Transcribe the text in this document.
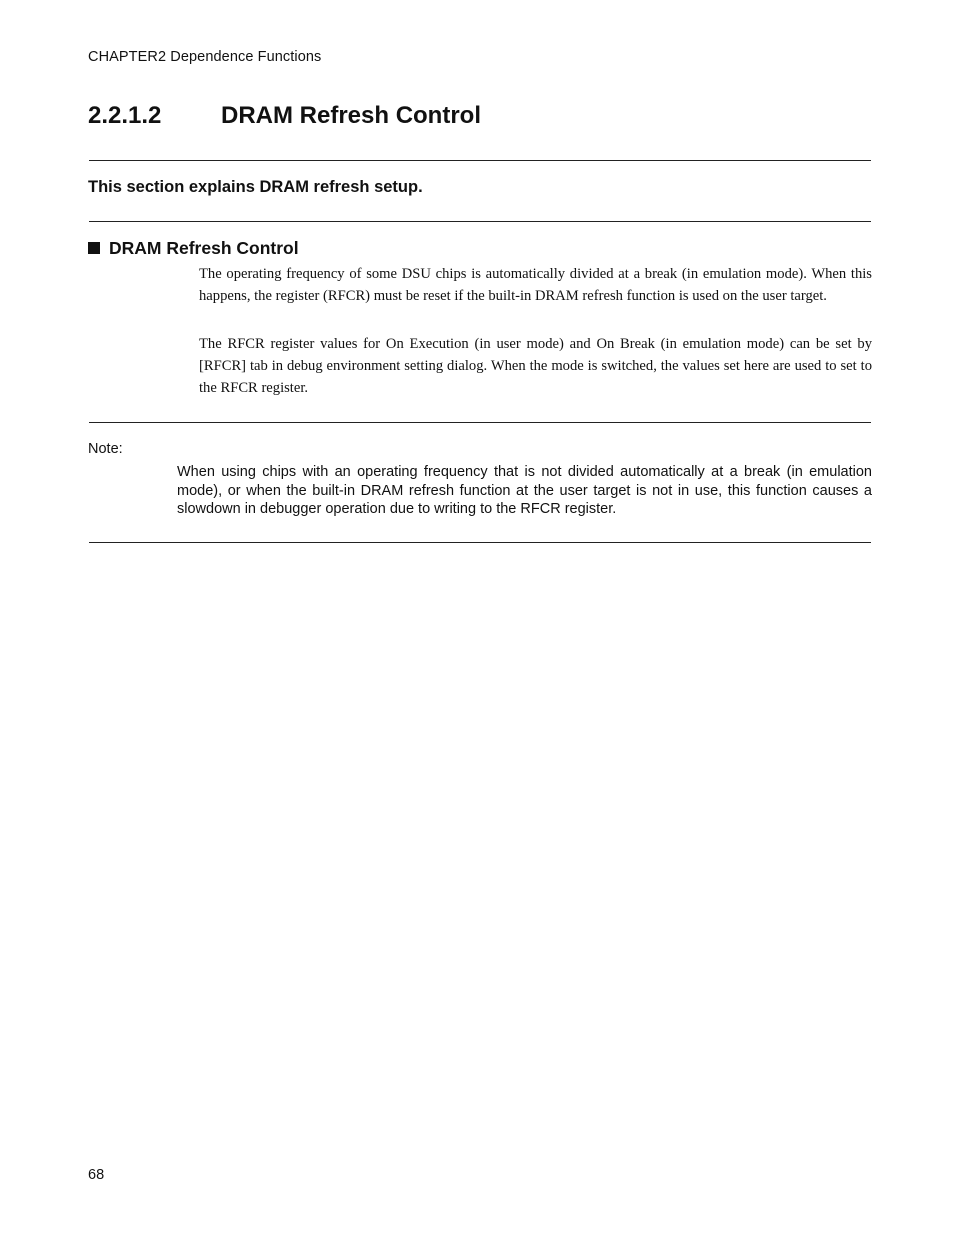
CHAPTER2 Dependence Functions
2.2.1.2 DRAM Refresh Control
This section explains DRAM refresh setup.
DRAM Refresh Control

The operating frequency of some DSU chips is automatically divided at a break (in emulation mode). When this happens, the register (RFCR) must be reset if the built-in DRAM refresh function is used on the user target.

The RFCR register values for On Execution (in user mode) and On Break (in emulation mode) can be set by [RFCR] tab in debug environment setting dialog. When the mode is switched, the values set here are used to set to the RFCR register.

Note:

When using chips with an operating frequency that is not divided automatically at a break (in emulation mode), or when the built-in DRAM refresh function at the user target is not in use, this function causes a slowdown in debugger operation due to writing to the RFCR register.

68
